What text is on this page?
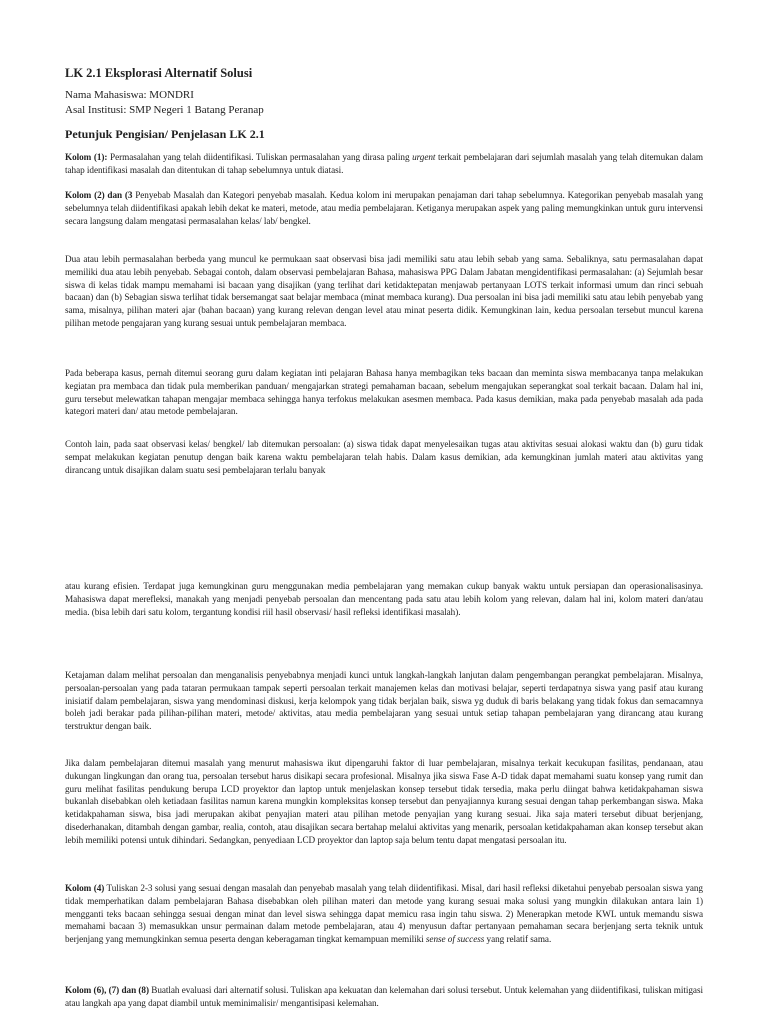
LK 2.1 Eksplorasi Alternatif Solusi
Nama Mahasiswa: MONDRI
Asal Institusi: SMP Negeri 1 Batang Peranap
Petunjuk Pengisian/ Penjelasan LK 2.1

Kolom (1): Permasalahan yang telah diidentifikasi. Tuliskan permasalahan yang dirasa paling urgent terkait pembelajaran dari sejumlah masalah yang telah ditemukan dalam tahap identifikasi masalah dan ditentukan di tahap sebelumnya untuk diatasi.

Kolom (2) dan (3 Penyebab Masalah dan Kategori penyebab masalah. Kedua kolom ini merupakan penajaman dari tahap sebelumnya. Kategorikan penyebab masalah yang sebelumnya telah diidentifikasi apakah lebih dekat ke materi, metode, atau media pembelajaran. Ketiganya merupakan aspek yang paling memungkinkan untuk guru intervensi secara langsung dalam mengatasi permasalahan kelas/ lab/ bengkel.

Dua atau lebih permasalahan berbeda yang muncul ke permukaan saat observasi bisa jadi memiliki satu atau lebih sebab yang sama. Sebaliknya, satu permasalahan dapat memiliki dua atau lebih penyebab. Sebagai contoh, dalam observasi pembelajaran Bahasa, mahasiswa PPG Dalam Jabatan mengidentifikasi permasalahan: (a) Sejumlah besar siswa di kelas tidak mampu memahami isi bacaan yang disajikan (yang terlihat dari ketidaktepatan menjawab pertanyaan LOTS terkait informasi umum dan rinci sebuah bacaan) dan (b) Sebagian siswa terlihat tidak bersemangat saat belajar membaca (minat membaca kurang). Dua persoalan ini bisa jadi memiliki satu atau lebih penyebab yang sama, misalnya, pilihan materi ajar (bahan bacaan) yang kurang relevan dengan level atau minat peserta didik. Kemungkinan lain, kedua persoalan tersebut muncul karena pilihan metode pengajaran yang kurang sesuai untuk pembelajaran membaca.

Pada beberapa kasus, pernah ditemui seorang guru dalam kegiatan inti pelajaran Bahasa hanya membagikan teks bacaan dan meminta siswa membacanya tanpa melakukan kegiatan pra membaca dan tidak pula memberikan panduan/ mengajarkan strategi pemahaman bacaan, sebelum mengajukan seperangkat soal terkait bacaan. Dalam hal ini, guru tersebut melewatkan tahapan mengajar membaca sehingga hanya terfokus melakukan asesmen membaca. Pada kasus demikian, maka pada penyebab masalah ada pada kategori materi dan/ atau metode pembelajaran.

Contoh lain, pada saat observasi kelas/ bengkel/ lab ditemukan persoalan: (a) siswa tidak dapat menyelesaikan tugas atau aktivitas sesuai alokasi waktu dan (b) guru tidak sempat melakukan kegiatan penutup dengan baik karena waktu pembelajaran telah habis. Dalam kasus demikian, ada kemungkinan jumlah materi atau aktivitas yang dirancang untuk disajikan dalam suatu sesi pembelajaran terlalu banyak

atau kurang efisien. Terdapat juga kemungkinan guru menggunakan media pembelajaran yang memakan cukup banyak waktu untuk persiapan dan operasionalisasinya. Mahasiswa dapat merefleksi, manakah yang menjadi penyebab persoalan dan mencentang pada satu atau lebih kolom yang relevan, dalam hal ini, kolom materi dan/atau media. (bisa lebih dari satu kolom, tergantung kondisi riil hasil observasi/ hasil refleksi identifikasi masalah).

Ketajaman dalam melihat persoalan dan menganalisis penyebabnya menjadi kunci untuk langkah-langkah lanjutan dalam pengembangan perangkat pembelajaran. Misalnya, persoalan-persoalan yang pada tataran permukaan tampak seperti persoalan terkait manajemen kelas dan motivasi belajar, seperti terdapatnya siswa yang pasif atau kurang inisiatif dalam pembelajaran, siswa yang mendominasi diskusi, kerja kelompok yang tidak berjalan baik, siswa yg duduk di baris belakang yang tidak fokus dan semacamnya boleh jadi berakar pada pilihan-pilihan materi, metode/ aktivitas, atau media pembelajaran yang sesuai untuk setiap tahapan pembelajaran yang dirancang atau kurang terstruktur dengan baik.

Jika dalam pembelajaran ditemui masalah yang menurut mahasiswa ikut dipengaruhi faktor di luar pembelajaran, misalnya terkait kecukupan fasilitas, pendanaan, atau dukungan lingkungan dan orang tua, persoalan tersebut harus disikapi secara profesional. Misalnya jika siswa Fase A-D tidak dapat memahami suatu konsep yang rumit dan guru melihat fasilitas pendukung berupa LCD proyektor dan laptop untuk menjelaskan konsep tersebut tidak tersedia, maka perlu diingat bahwa ketidakpahaman siswa bukanlah disebabkan oleh ketiadaan fasilitas namun karena mungkin kompleksitas konsep tersebut dan penyajiannya kurang sesuai dengan tahap perkembangan siswa. Maka ketidakpahaman siswa, bisa jadi merupakan akibat penyajian materi atau pilihan metode penyajian yang kurang sesuai. Jika saja materi tersebut dibuat berjenjang, disederhanakan, ditambah dengan gambar, realia, contoh, atau disajikan secara bertahap melalui aktivitas yang menarik, persoalan ketidakpahaman akan konsep tersebut akan lebih memiliki potensi untuk dihindari. Sedangkan, penyediaan LCD proyektor dan laptop saja belum tentu dapat mengatasi persoalan itu.

Kolom (4) Tuliskan 2-3 solusi yang sesuai dengan masalah dan penyebab masalah yang telah diidentifikasi. Misal, dari hasil refleksi diketahui penyebab persoalan siswa yang tidak memperhatikan dalam pembelajaran Bahasa disebabkan oleh pilihan materi dan metode yang kurang sesuai maka solusi yang mungkin dilakukan antara lain 1) mengganti teks bacaan sehingga sesuai dengan minat dan level siswa sehingga dapat memicu rasa ingin tahu siswa. 2) Menerapkan metode KWL untuk memandu siswa memahami bacaan 3) memasukkan unsur permainan dalam metode pembelajaran, atau 4) menyusun daftar pertanyaan pemahaman secara berjenjang serta teknik untuk berjenjang yang memungkinkan semua peserta dengan keberagaman tingkat kemampuan memiliki sense of success yang relatif sama.

Kolom (6), (7) dan (8) Buatlah evaluasi dari alternatif solusi. Tuliskan apa kekuatan dan kelemahan dari solusi tersebut. Untuk kelemahan yang diidentifikasi, tuliskan mitigasi atau langkah apa yang dapat diambil untuk meminimalisir/ mengantisipasi kelemahan.
